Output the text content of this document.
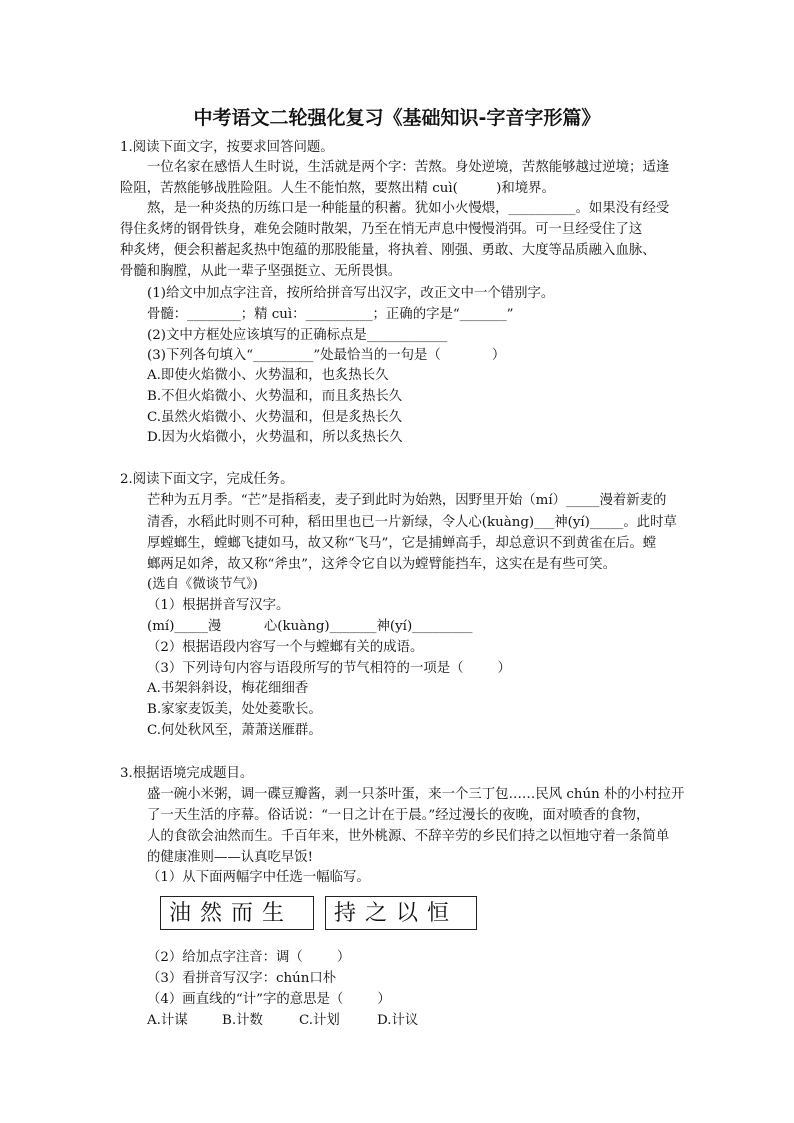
中考语文二轮强化复习《基础知识-字音字形篇》
1.阅读下面文字，按要求回答问题。
一位名家在感悟人生时说，生活就是两个字：苦熬。身处逆境，苦熬能够越过逆境；适逢
险阻，苦熬能够战胜险阻。人生不能怕熬，要熬出精 cuì(         )和境界。
熬，是一种炎热的历练口是一种能量的积蓄。犹如小火慢煨，__________。如果没有经受
得住炙烤的钢骨铁身，难免会随时散架，乃至在悄无声息中慢慢消弭。可一旦经受住了这
种炙烤，便会积蓄起炙热中饱蕴的那股能量，将执着、刚强、勇敢、大度等品质融入血脉、
骨髓和胸膛，从此一辈子坚强挺立、无所畏惧。
(1)给文中加点字注音，按所给拼音写出汉字，改正文中一个错别字。
骨髓：________；精 cuì：__________；正确的字是“_______”
(2)文中方框处应该填写的正确标点是____________
(3)下列各句填入“_________”处最恰当的一句是（            ）
A.即使火焰微小、火势温和，也炙热长久
B.不但火焰微小、火势温和，而且炙热长久
C.虽然火焰微小、火势温和，但是炙热长久
D.因为火焰微小，火势温和，所以炙热长久
2.阅读下面文字，完成任务。
芒种为五月季。“芒”是指稻麦，麦子到此时为始熟，因野里开始（mí）_____漫着新麦的
清香，水稻此时则不可种，稻田里也已一片新绿，令人心(kuàng)___神(yí)_____。此时草
厚螳螂生，螳螂飞捷如马，故又称“飞马”，它是捕蝉高手，却总意识不到黄雀在后。螳
螂两足如斧，故又称“斧虫”，这斧令它自以为螳臂能挡车，这实在是有些可笑。
(选自《微谈节气》)
（1）根据拼音写汉字。
(mí)_____漫          心(kuàng)_______神(yí)_________
（2）根据语段内容写一个与螳螂有关的成语。
（3）下列诗句内容与语段所写的节气相符的一项是（        ）
A.书架斜斜设，梅花细细香
B.家家麦饭美，处处菱歌长。
C.何处秋风至，萧萧送雁群。
3.根据语境完成题目。
盛一碗小米粥，调一碟豆瓣酱，剥一只茶叶蛋，来一个三丁包……民风 chún 朴的小村拉开
了一天生活的序幕。俗话说：“一日之计在于晨。”经过漫长的夜晚，面对喷香的食物，
人的食欲会油然而生。千百年来，世外桃源、不辞辛劳的乡民们持之以恒地守着一条简单
的健康准则——认真吃早饭!
（1）从下面两幅字中任选一幅临写。
油然而生	持之以恒
（2）给加点字注音：调（        ）
（3）看拼音写汉字：chún口朴
（4）画直线的“计”字的意思是（        ）
A.计谋	B.计数	C.计划	D.计议
